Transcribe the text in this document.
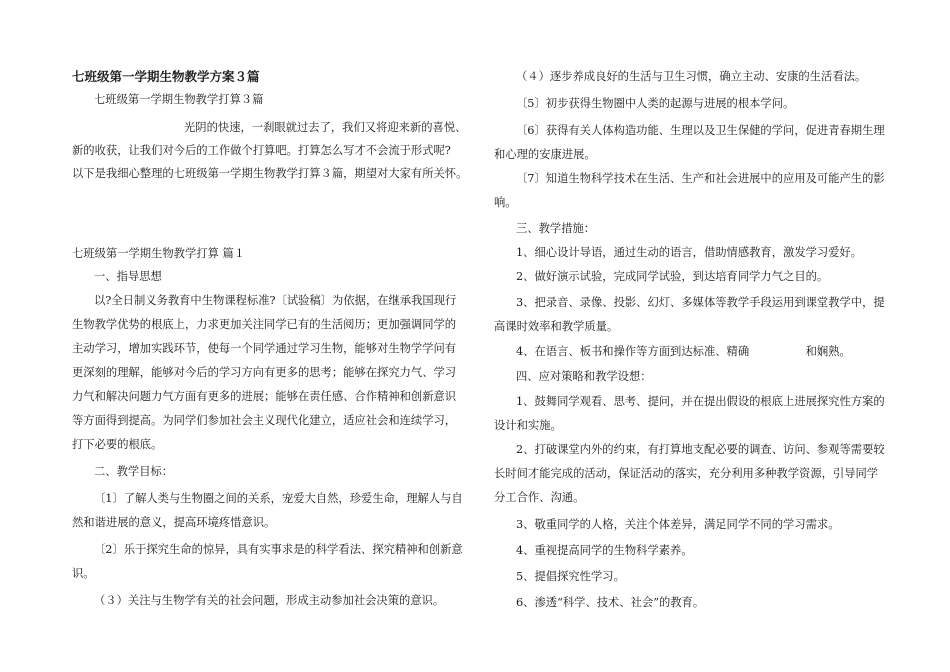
七班级第一学期生物教学方案３篇
七班级第一学期生物教学打算３篇
光阴的快速，一刹眼就过去了，我们又将迎来新的喜悦、
新的收获，让我们对今后的工作做个打算吧。打算怎么写才不会流于形式呢?
以下是我细心整理的七班级第一学期生物教学打算３篇，期望对大家有所关怀。
七班级第一学期生物教学打算 篇１
一、指导思想
以?全日制义务教育中生物课程标准?〔试验稿〕为依据，在继承我国现行
生物教学优势的根底上，力求更加关注同学已有的生活阅历；更加强调同学的
主动学习，增加实践环节，使每一个同学通过学习生物，能够对生物学学问有
更深刻的理解，能够对今后的学习方向有更多的思考；能够在探究力气、学习
力气和解决问题力气方面有更多的进展；能够在责任感、合作精神和创新意识
等方面得到提高。为同学们参加社会主义现代化建立，适应社会和连续学习，
打下必要的根底。
二、教学目标：
〔1〕了解人类与生物圈之间的关系，宠爱大自然，珍爱生命，理解人与自
然和谐进展的意义，提高环境疼惜意识。
〔2〕乐于探究生命的惊异，具有实事求是的科学看法、探究精神和创新意
识。
（３）关注与生物学有关的社会问题，形成主动参加社会决策的意识。
（４）逐步养成良好的生活与卫生习惯，确立主动、安康的生活看法。
〔5〕初步获得生物圈中人类的起源与进展的根本学问。
〔6〕获得有关人体构造功能、生理以及卫生保健的学问，促进青春期生理
和心理的安康进展。
〔7〕知道生物科学技术在生活、生产和社会进展中的应用及可能产生的影
响。
三、教学措施：
1、细心设计导语，通过生动的语言，借助情感教育，激发学习爱好。
2、做好演示试验，完成同学试验，到达培育同学力气之目的。
3、把录音、录像、投影、幻灯、多媒体等教学手段运用到课堂教学中，提
高课时效率和教学质量。
4、在语言、板书和操作等方面到达标准、精确　　　　　和娴熟。
四、应对策略和教学设想：
1、鼓舞同学观看、思考、提问，并在提出假设的根底上进展探究性方案的
设计和实施。
2、打破课堂内外的约束，有打算地支配必要的调查、访问、参观等需要较
长时间才能完成的活动，保证活动的落实，充分利用多种教学资源，引导同学
分工合作、沟通。
3、敬重同学的人格，关注个体差异，满足同学不同的学习需求。
4、重视提高同学的生物科学素养。
5、提倡探究性学习。
6、渗透“科学、技术、社会”的教育。
